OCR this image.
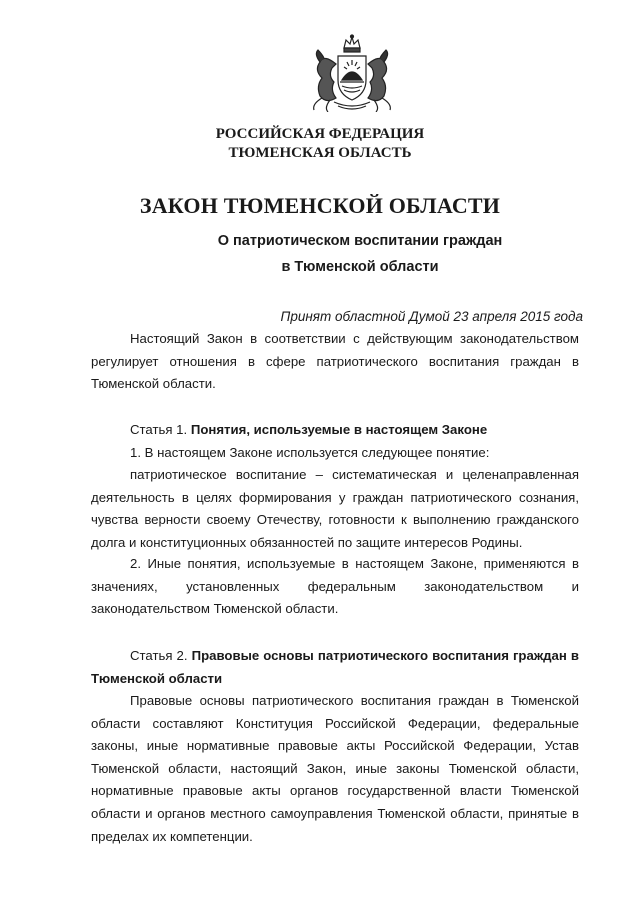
РОССИЙСКАЯ ФЕДЕРАЦИЯ
ТЮМЕНСКАЯ ОБЛАСТЬ
ЗАКОН ТЮМЕНСКОЙ ОБЛАСТИ
О патриотическом воспитании граждан
в Тюменской области
Принят областной Думой 23 апреля 2015 года

Настоящий Закон в соответствии с действующим законодательством регулирует отношения в сфере патриотического воспитания граждан в Тюменской области.

Статья 1. Понятия, используемые в настоящем Законе

1. В настоящем Законе используется следующее понятие:

патриотическое воспитание – систематическая и целенаправленная деятельность в целях формирования у граждан патриотического сознания, чувства верности своему Отечеству, готовности к выполнению гражданского долга и конституционных обязанностей по защите интересов Родины.

2. Иные понятия, используемые в настоящем Законе, применяются в значениях, установленных федеральным законодательством и законодательством Тюменской области.

Статья 2. Правовые основы патриотического воспитания граждан в Тюменской области

Правовые основы патриотического воспитания граждан в Тюменской области составляют Конституция Российской Федерации, федеральные законы, иные нормативные правовые акты Российской Федерации, Устав Тюменской области, настоящий Закон, иные законы Тюменской области, нормативные правовые акты органов государственной власти Тюменской области и органов местного самоуправления Тюменской области, принятые в пределах их компетенции.
